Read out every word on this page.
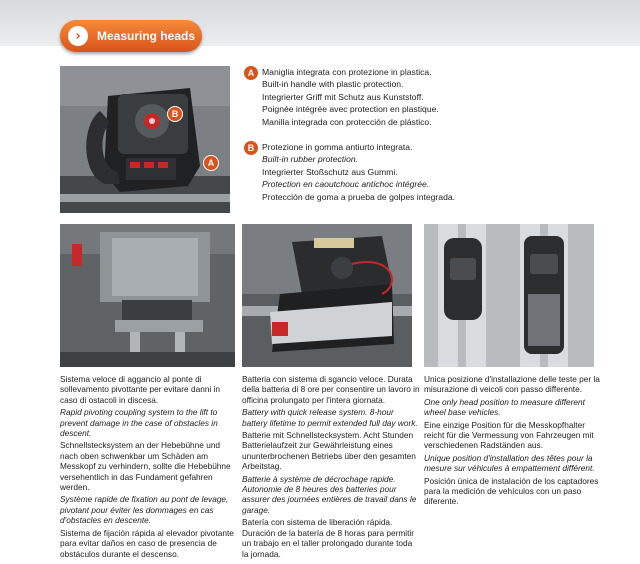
›	Measuring heads
A
B
A Maniglia integrata con protezione in plastica.
Built-in handle with plastic protection.
Integrierter Griff mit Schutz aus Kunststoff.
Poignée intégrée avec protection en plastique.
Manilla integrada con protección de plástico.
B Protezione in gomma antiurto integrata.
Built-in rubber protection.
Integrierter Stoßschutz aus Gummi.
Protection en caoutchouc antichoc intégrée.
Protección de goma a prueba de golpes integrada.

Sistema veloce di aggancio al ponte di sollevamento pivottante per evitare danni in caso di ostacoli in discesa.

Rapid pivoting coupling system to the lift to prevent damage in the case of obstacles in descent.

Schnellstecksystem an der Hebebühne und nach oben schwenkbar um Schäden am Messkopf zu verhindern, sollte die Hebebühne versehentlich in das Fundament gefahren werden.

Système rapide de fixation au pont de levage, pivotant pour éviter les dommages en cas d'obstacles en descente.

Sistema de fijación rápida al elevador pivotante para evitar daños en caso de presencia de obstáculos durante el descenso.

Batteria con sistema di sgancio veloce. Durata della batteria di 8 ore per consentire un lavoro in officina prolungato per l'intera giornata.

Battery with quick release system. 8-hour battery lifetime to permit extended full day work.

Batterie mit Schnellstecksystem. Acht Stunden Batterielaufzeit zur Gewährleistung eines ununterbrochenen Betriebs über den gesamten Arbeitstag.

Batterie à système de décrochage rapide. Autonomie de 8 heures des batteries pour assurer des journées entières de travail dans le garage.

Batería con sistema de liberación rápida. Duración de la batería de 8 horas para permitir un trabajo en el taller prolongado durante toda la jornada.

Unica posizione d'installazione delle teste per la misurazione di veicoli con passo differente.

One only head position to measure different wheel base vehicles.

Eine einzige Position für die Messkopfhalter reicht für die Vermessung von Fahrzeugen mit verschiedenen Radständen aus.

Unique position d'installation des têtes pour la mesure sur véhicules à empattement différent.

Posición única de instalación de los captadores para la medición de vehículos con un paso diferente.
